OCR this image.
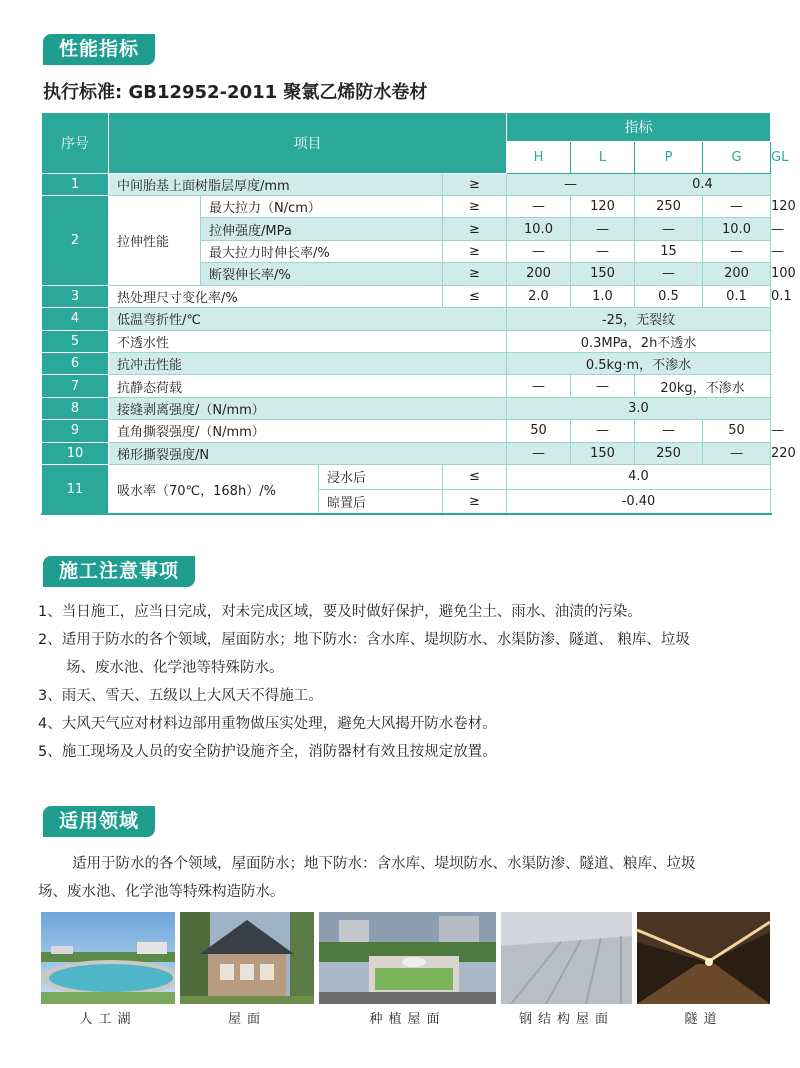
性能指标
执行标准: GB12952-2011 聚氯乙烯防水卷材
序号	项目				指标				
					H	L	P	G	GL
1	中间胎基上面树脂层厚度/mm			≥	—		0.4		
2	拉伸性能	最大拉力（N/cm）		≥	—	120	250	—	120
		拉伸强度/MPa		≥	10.0	—	—	10.0	—
		最大拉力时伸长率/%		≥	—	—	15	—	—
		断裂伸长率/%		≥	200	150	—	200	100
3	热处理尺寸变化率/%			≤	2.0	1.0	0.5	0.1	0.1
4	低温弯折性/℃				-25，无裂纹				
5	不透水性				0.3MPa，2h不透水				
6	抗冲击性能				0.5kg·m，不渗水				
7	抗静态荷载				—	—	20kg，不渗水		
8	接缝剥离强度/（N/mm）				3.0				
9	直角撕裂强度/（N/mm）				50	—	—	50	—
10	梯形撕裂强度/N				—	150	250	—	220
11	吸水率（70℃，168h）/%		浸水后	≤	4.0				
			晾置后	≥	-0.40				
施工注意事项
1、当日施工，应当日完成，对未完成区域，要及时做好保护，避免尘土、雨水、油渍的污染。
2、适用于防水的各个领域，屋面防水；地下防水：含水库、堤坝防水、水渠防渗、隧道、 粮库、垃圾
场、废水池、化学池等特殊防水。
3、雨天、雪天、五级以上大风天不得施工。
4、大风天气应对材料边部用重物做压实处理，避免大风揭开防水卷材。
5、施工现场及人员的安全防护设施齐全，消防器材有效且按规定放置。
适用领域
适用于防水的各个领域，屋面防水；地下防水：含水库、堤坝防水、水渠防渗、隧道、粮库、垃圾
场、废水池、化学池等特殊构造防水。
人工湖	屋面	种植屋面	钢结构屋面	隧道
